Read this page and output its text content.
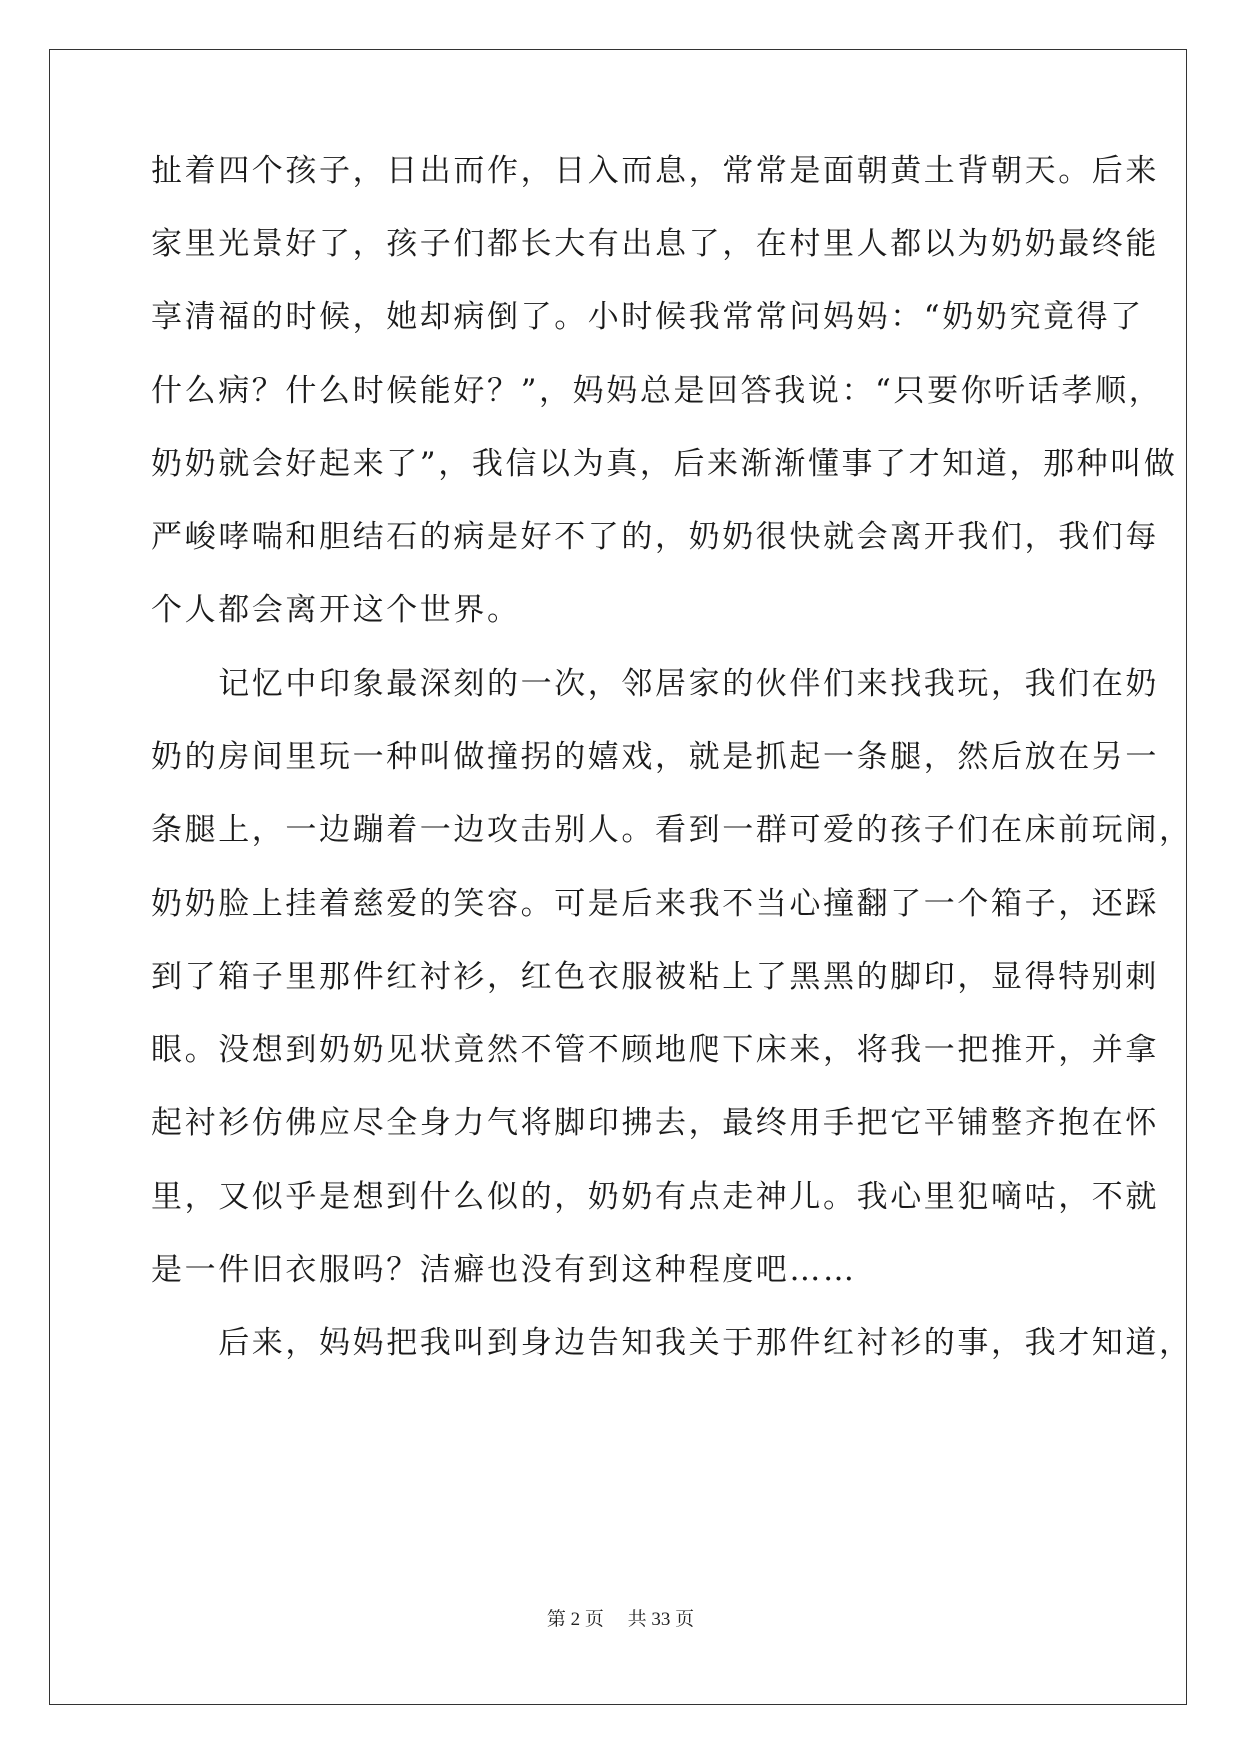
扯着四个孩子，日出而作，日入而息，常常是面朝黄土背朝天。后来
家里光景好了，孩子们都长大有出息了，在村里人都以为奶奶最终能
享清福的时候，她却病倒了。小时候我常常问妈妈：“奶奶究竟得了
什么病？什么时候能好？”，妈妈总是回答我说：“只要你听话孝顺，
奶奶就会好起来了”，我信以为真，后来渐渐懂事了才知道，那种叫做
严峻哮喘和胆结石的病是好不了的，奶奶很快就会离开我们，我们每
个人都会离开这个世界。
　　记忆中印象最深刻的一次，邻居家的伙伴们来找我玩，我们在奶
奶的房间里玩一种叫做撞拐的嬉戏，就是抓起一条腿，然后放在另一
条腿上，一边蹦着一边攻击别人。看到一群可爱的孩子们在床前玩闹，
奶奶脸上挂着慈爱的笑容。可是后来我不当心撞翻了一个箱子，还踩
到了箱子里那件红衬衫，红色衣服被粘上了黑黑的脚印，显得特别刺
眼。没想到奶奶见状竟然不管不顾地爬下床来，将我一把推开，并拿
起衬衫仿佛应尽全身力气将脚印拂去，最终用手把它平铺整齐抱在怀
里，又似乎是想到什么似的，奶奶有点走神儿。我心里犯嘀咕，不就
是一件旧衣服吗？洁癖也没有到这种程度吧……
　　后来，妈妈把我叫到身边告知我关于那件红衬衫的事，我才知道，
第 2 页　 共 33 页
